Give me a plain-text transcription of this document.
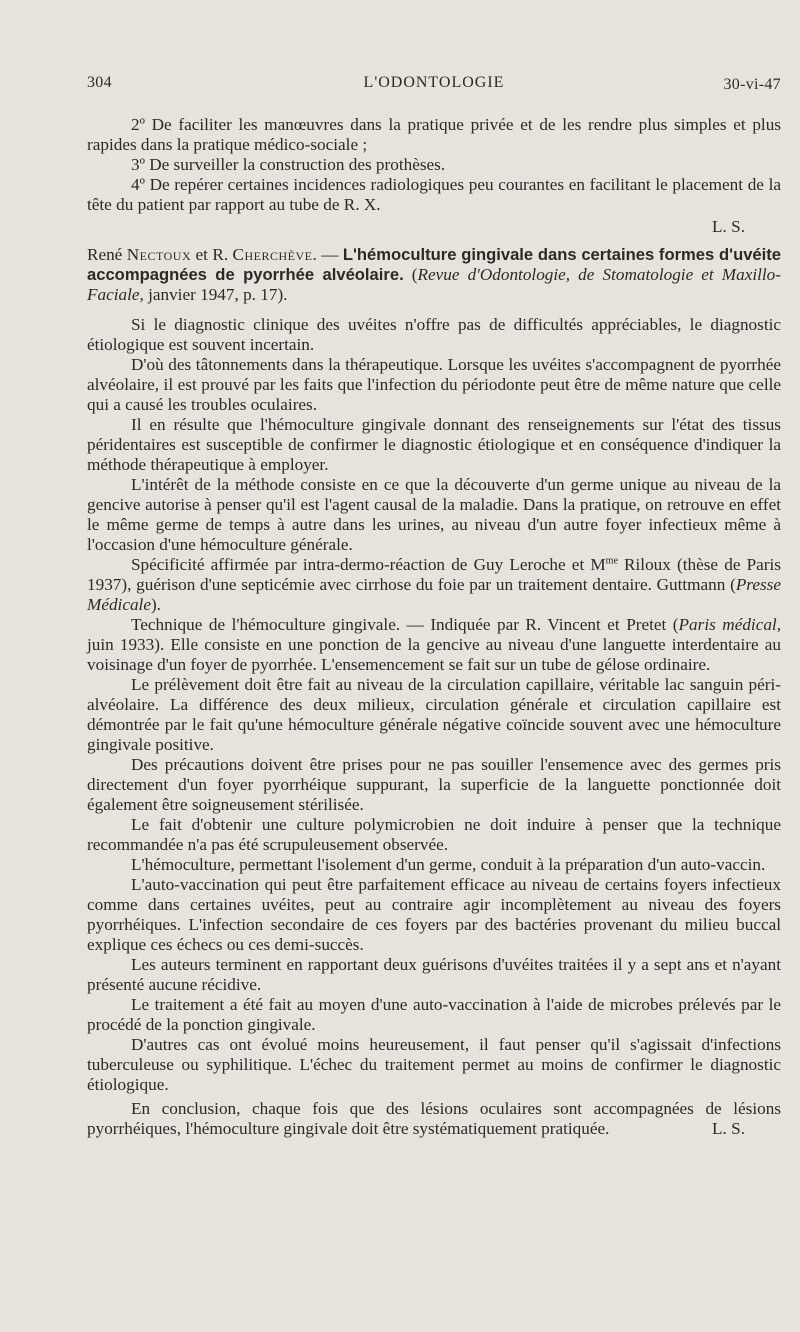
304	L'ODONTOLOGIE	30-vi-47

2º De faciliter les manœuvres dans la pratique privée et de les rendre plus simples et plus rapides dans la pratique médico-sociale ;

3º De surveiller la construction des prothèses.

4º De repérer certaines incidences radiologiques peu courantes en facilitant le placement de la tête du patient par rapport au tube de R. X.

L. S.

René Nectoux et R. Cherchève. — L'hémoculture gingivale dans certaines formes d'uvéite accompagnées de pyorrhée alvéolaire. (Revue d'Odontologie, de Stomatologie et Maxillo-Faciale, janvier 1947, p. 17).

Si le diagnostic clinique des uvéites n'offre pas de difficultés appréciables, le diagnostic étiologique est souvent incertain.

D'où des tâtonnements dans la thérapeutique. Lorsque les uvéites s'accompagnent de pyorrhée alvéolaire, il est prouvé par les faits que l'infection du périodonte peut être de même nature que celle qui a causé les troubles oculaires.

Il en résulte que l'hémoculture gingivale donnant des renseignements sur l'état des tissus péridentaires est susceptible de confirmer le diagnostic étiologique et en conséquence d'indiquer la méthode thérapeutique à employer.

L'intérêt de la méthode consiste en ce que la découverte d'un germe unique au niveau de la gencive autorise à penser qu'il est l'agent causal de la maladie. Dans la pratique, on retrouve en effet le même germe de temps à autre dans les urines, au niveau d'un autre foyer infectieux même à l'occasion d'une hémoculture générale.

Spécificité affirmée par intra-dermo-réaction de Guy Leroche et $M^{me}$ Riloux (thèse de Paris 1937), guérison d'une septicémie avec cirrhose du foie par un traitement dentaire. Guttmann (Presse Médicale).

Technique de l'hémoculture gingivale. — Indiquée par R. Vincent et Pretet (Paris médical, juin 1933). Elle consiste en une ponction de la gencive au niveau d'une languette interdentaire au voisinage d'un foyer de pyorrhée. L'ensemencement se fait sur un tube de gélose ordinaire.

Le prélèvement doit être fait au niveau de la circulation capillaire, véritable lac sanguin péri-alvéolaire. La différence des deux milieux, circulation générale et circulation capillaire est démontrée par le fait qu'une hémoculture générale négative coïncide souvent avec une hémoculture gingivale positive.

Des précautions doivent être prises pour ne pas souiller l'ensemence avec des germes pris directement d'un foyer pyorrhéique suppurant, la superficie de la languette ponctionnée doit également être soigneusement stérilisée.

Le fait d'obtenir une culture polymicrobien ne doit induire à penser que la technique recommandée n'a pas été scrupuleusement observée.

L'hémoculture, permettant l'isolement d'un germe, conduit à la préparation d'un auto-vaccin.

L'auto-vaccination qui peut être parfaitement efficace au niveau de certains foyers infectieux comme dans certaines uvéites, peut au contraire agir incomplètement au niveau des foyers pyorrhéiques. L'infection secondaire de ces foyers par des bactéries provenant du milieu buccal explique ces échecs ou ces demi-succès.

Les auteurs terminent en rapportant deux guérisons d'uvéites traitées il y a sept ans et n'ayant présenté aucune récidive.

Le traitement a été fait au moyen d'une auto-vaccination à l'aide de microbes prélevés par le procédé de la ponction gingivale.

D'autres cas ont évolué moins heureusement, il faut penser qu'il s'agissait d'infections tuberculeuse ou syphilitique. L'échec du traitement permet au moins de confirmer le diagnostic étiologique.

En conclusion, chaque fois que des lésions oculaires sont accompagnées de lésions pyorrhéiques, l'hémoculture gingivale doit être systématiquement pratiquée.	L. S.
